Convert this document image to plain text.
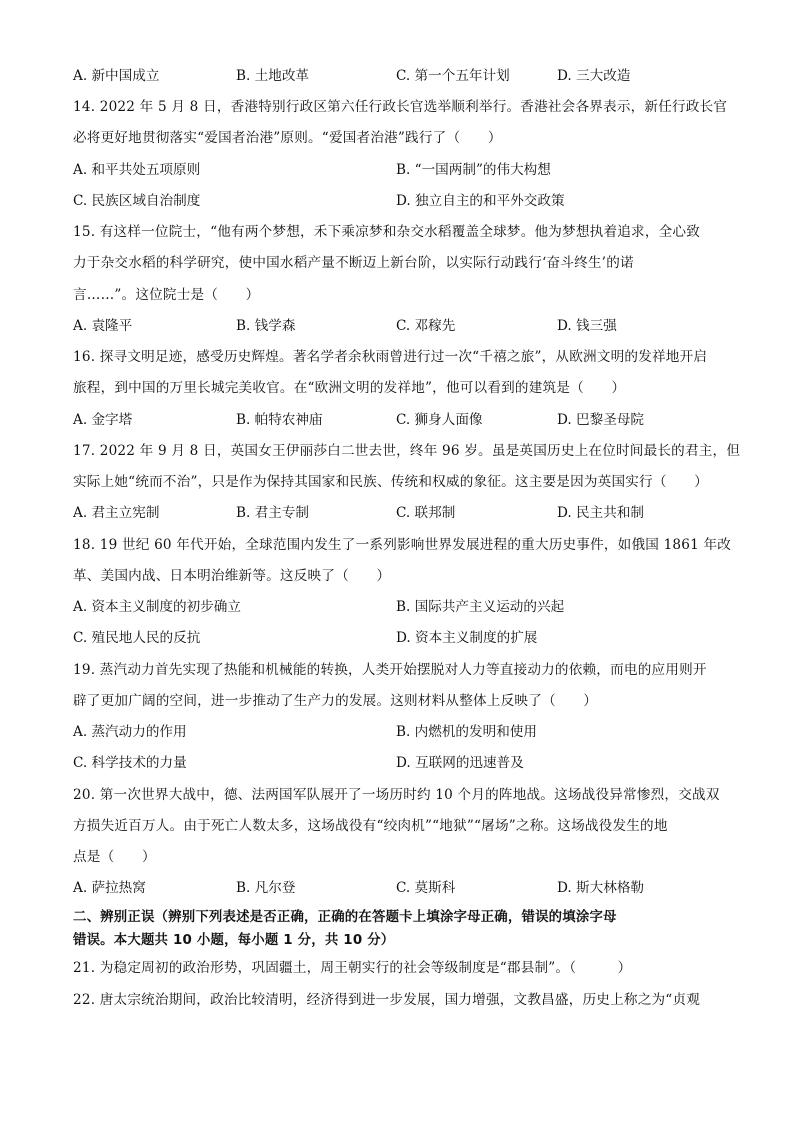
A. 新中国成立	B. 土地改革	C. 第一个五年计划	D. 三大改造
14. 2022 年 5 月 8 日，香港特别行政区第六任行政长官选举顺利举行。香港社会各界表示，新任行政长官
必将更好地贯彻落实“爱国者治港”原则。“爱国者治港”践行了（　　）
A. 和平共处五项原则	B. “一国两制”的伟大构想
C. 民族区域自治制度	D. 独立自主的和平外交政策
15. 有这样一位院士，“他有两个梦想，禾下乘凉梦和杂交水稻覆盖全球梦。他为梦想执着追求，全心致
力于杂交水稻的科学研究，使中国水稻产量不断迈上新台阶，以实际行动践行‘奋斗终生’的诺
言……”。这位院士是（　　）
A. 袁隆平	B. 钱学森	C. 邓稼先	D. 钱三强
16. 探寻文明足迹，感受历史辉煌。著名学者余秋雨曾进行过一次“千禧之旅”，从欧洲文明的发祥地开启
旅程，到中国的万里长城完美收官。在“欧洲文明的发祥地”，他可以看到的建筑是（　　）
A. 金字塔	B. 帕特农神庙	C. 狮身人面像	D. 巴黎圣母院
17. 2022 年 9 月 8 日，英国女王伊丽莎白二世去世，终年 96 岁。虽是英国历史上在位时间最长的君主，但
实际上她“统而不治”，只是作为保持其国家和民族、传统和权威的象征。这主要是因为英国实行（　　）
A. 君主立宪制	B. 君主专制	C. 联邦制	D. 民主共和制
18. 19 世纪 60 年代开始，全球范围内发生了一系列影响世界发展进程的重大历史事件，如俄国 1861 年改
革、美国内战、日本明治维新等。这反映了（　　）
A. 资本主义制度的初步确立	B. 国际共产主义运动的兴起
C. 殖民地人民的反抗	D. 资本主义制度的扩展
19. 蒸汽动力首先实现了热能和机械能的转换，人类开始摆脱对人力等直接动力的依赖，而电的应用则开
辟了更加广阔的空间，进一步推动了生产力的发展。这则材料从整体上反映了（　　）
A. 蒸汽动力的作用	B. 内燃机的发明和使用
C. 科学技术的力量	D. 互联网的迅速普及
20. 第一次世界大战中，德、法两国军队展开了一场历时约 10 个月的阵地战。这场战役异常惨烈，交战双
方损失近百万人。由于死亡人数太多，这场战役有“绞肉机”“地狱”“屠场”之称。这场战役发生的地
点是（　　）
A. 萨拉热窝	B. 凡尔登	C. 莫斯科	D. 斯大林格勒
二、辨别正误（辨别下列表述是否正确，正确的在答题卡上填涂字母正确，错误的填涂字母
错误。本大题共 10 小题，每小题 1 分，共 10 分）
21. 为稳定周初的政治形势，巩固疆土，周王朝实行的社会等级制度是“郡县制”。（　　　）
22. 唐太宗统治期间，政治比较清明，经济得到进一步发展，国力增强，文教昌盛，历史上称之为“贞观
